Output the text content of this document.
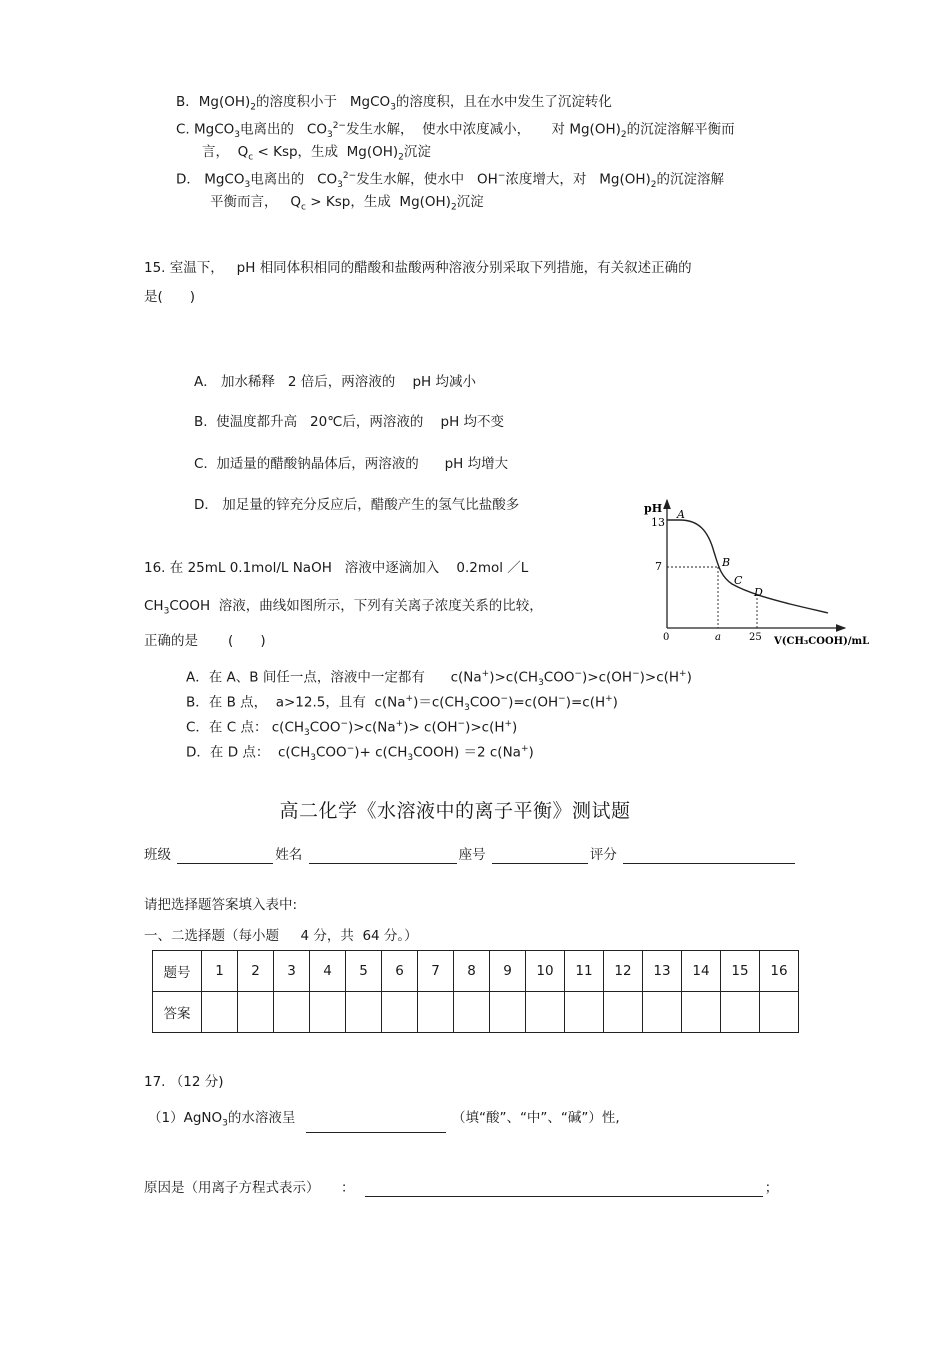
B．$Mg(OH)_2$的溶度积小于 MgCO$_3$的溶度积，且在水中发生了沉淀转化
C. MgCO$_3$电离出的 $CO_3^{2-}$发生水解， 使水中浓度减小， 对 $Mg(OH)_2$的沉淀溶解平衡而
言， $Q_c$ < Ksp，生成 $Mg(OH)_2$沉淀
D． MgCO$_3$电离出的 $CO_3^{2-}$发生水解，使水中 OH−浓度增大，对 $Mg(OH)_2$的沉淀溶解
平衡而言， $Q_c$ > Ksp，生成 $Mg(OH)_2$沉淀
15. 室温下， pH 相同体积相同的醋酸和盐酸两种溶液分别采取下列措施，有关叙述正确的
是(　　)
A． 加水稀释 2 倍后，两溶液的 pH 均减小
B. 使温度都升高 20℃后，两溶液的 pH 均不变
C. 加适量的醋酸钠晶体后，两溶液的 pH 均增大
D． 加足量的锌充分反应后，醋酸产生的氢气比盐酸多
16. 在 25mL 0.1mol/L NaOH 溶液中逐滴加入 0.2mol ／L
$CH_3COOH$ 溶液，曲线如图所示，下列有关离子浓度关系的比较，
正确的是 (　　)
pH
13
7
0	a	25 V(CH₃COOH)/mL
A
B
C
D
A．在 A、B 间任一点，溶液中一定都有 $c(Na^+)>c(CH_3COO^-)>c(OH^-)>c(H^+)$
B．在 B 点， a>12.5，且有 $c(Na^+)=c(CH_3COO^-)=c(OH^-)=c(H^+)$
C．在 C 点： $c(CH_3COO^-)>c(Na^+)> c(OH^-)>c(H^+)$
D．在 D 点： $c(CH_3COO^-)+$ $c(CH_3COOH) =2$ c(Na+)
高二化学《水溶液中的离子平衡》测试题
班级	姓名	座号	评分
请把选择题答案填入表中:
一、二选择题（每小题 4 分，共 64 分。）
题号	1	2	3	4	5	6	7	8	9	10	11	12	13	14	15	16
答案																
17. （12 分)
（1）AgNO$_3$的水溶液呈	（填“酸”、“中”、“碱”）性,
原因是（用离子方程式表示） ：	；
